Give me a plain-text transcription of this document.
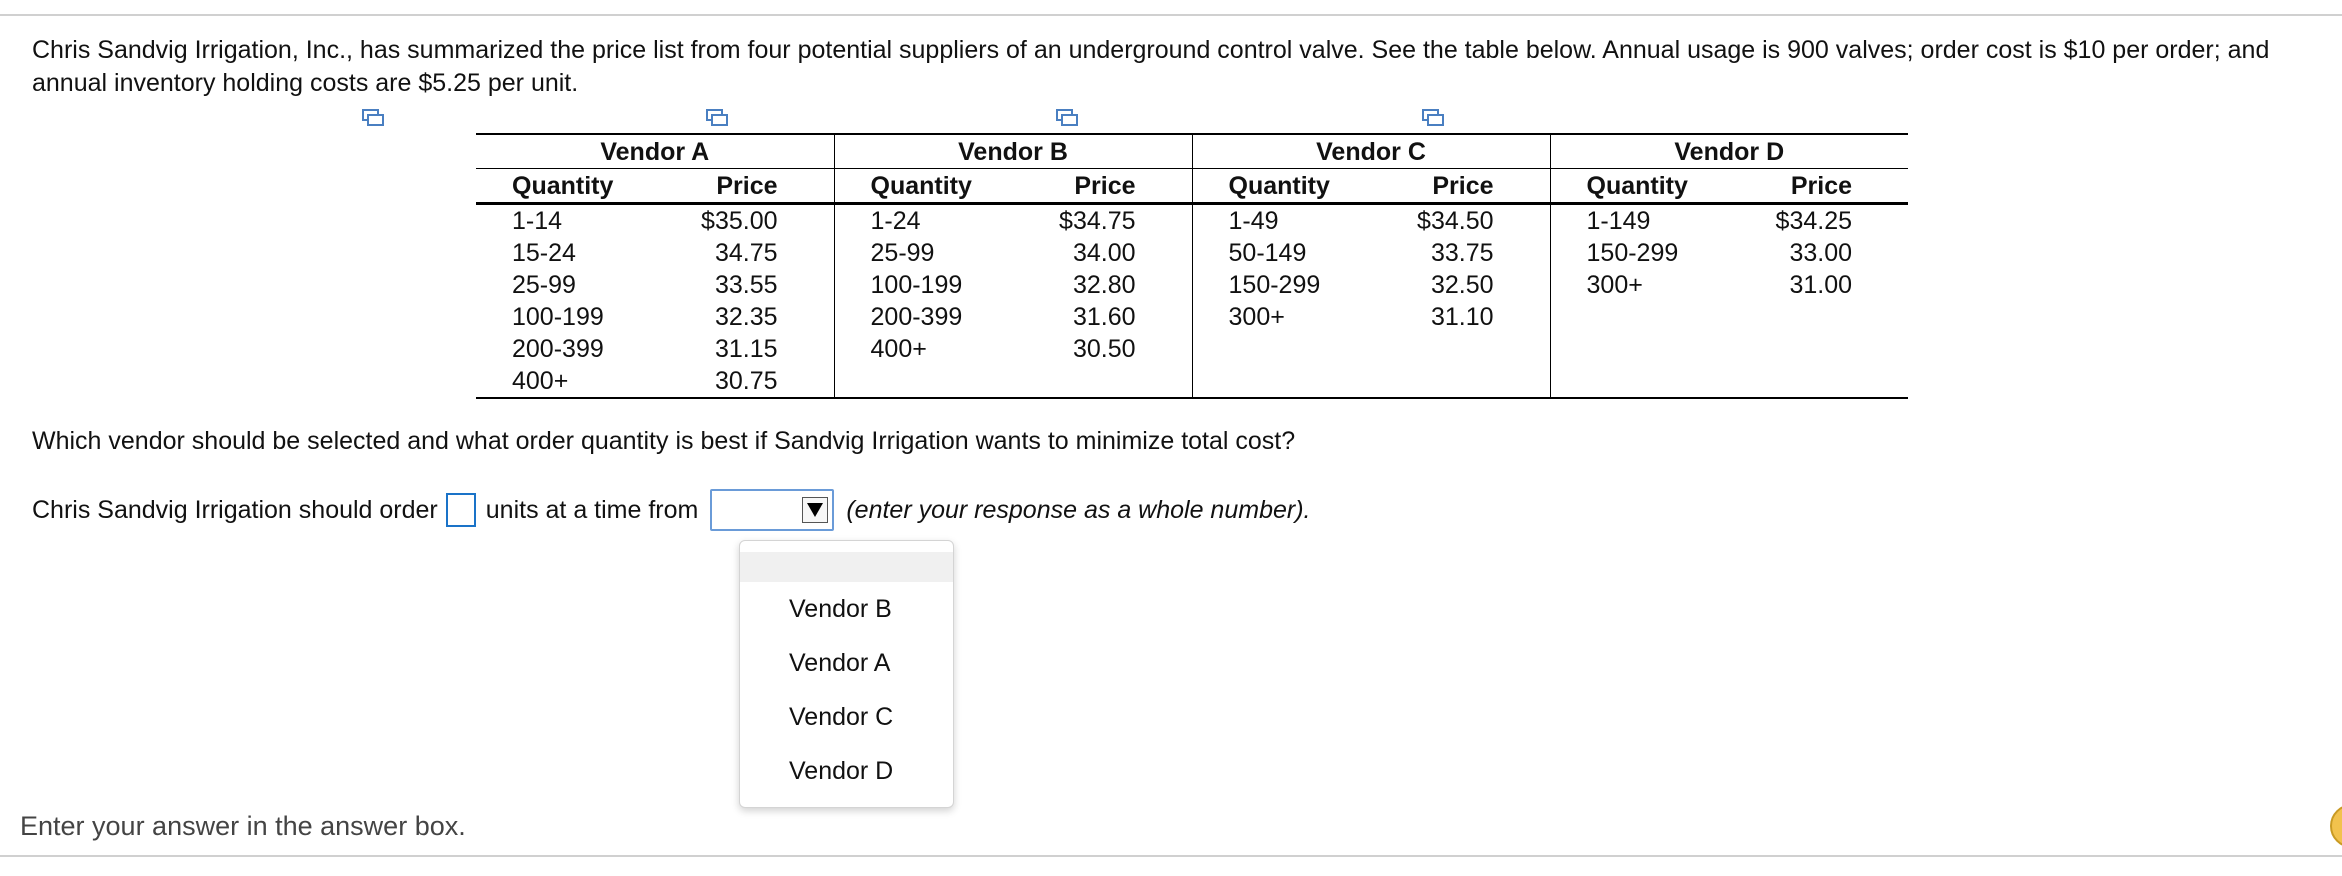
Chris Sandvig Irrigation, Inc., has summarized the price list from four potential suppliers of an underground control valve. See the table below. Annual usage is 900 valves; order cost is $10 per order; and annual inventory holding costs are $5.25 per unit.
Vendor A		Vendor B		Vendor C		Vendor D	
Quantity	Price	Quantity	Price	Quantity	Price	Quantity	Price
1-14	$35.00	1-24	$34.75	1-49	$34.50	1-149	$34.25
15-24	34.75	25-99	34.00	50-149	33.75	150-299	33.00
25-99	33.55	100-199	32.80	150-299	32.50	300+	31.00
100-199	32.35	200-399	31.60	300+	31.10		
200-399	31.15	400+	30.50				
400+	30.75						
Which vendor should be selected and what order quantity is best if Sandvig Irrigation wants to minimize total cost?
Chris Sandvig Irrigation should order units at a time from	(enter your response as a whole number).
Vendor B
Vendor A
Vendor C
Vendor D
Enter your answer in the answer box.
